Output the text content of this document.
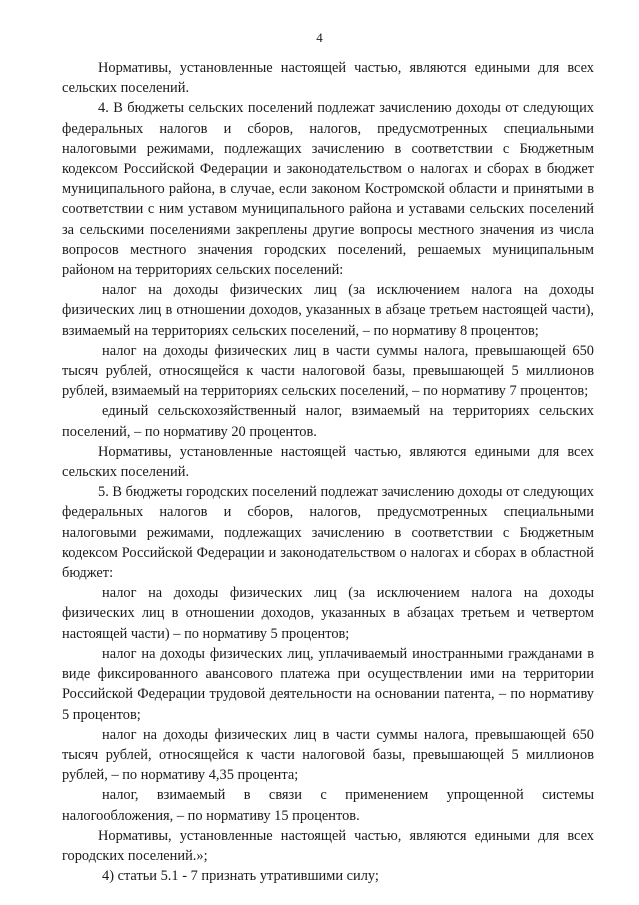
4

Нормативы, установленные настоящей частью, являются едиными для всех сельских поселений.

4. В бюджеты сельских поселений подлежат зачислению доходы от следующих федеральных налогов и сборов, налогов, предусмотренных специальными налоговыми режимами, подлежащих зачислению в соответствии с Бюджетным кодексом Российской Федерации и законодательством о налогах и сборах в бюджет муниципального района, в случае, если законом Костромской области и принятыми в соответствии с ним уставом муниципального района и уставами сельских поселений за сельскими поселениями закреплены другие вопросы местного значения из числа вопросов местного значения городских поселений, решаемых муниципальным районом на территориях сельских поселений:

налог на доходы физических лиц (за исключением налога на доходы физических лиц в отношении доходов, указанных в абзаце третьем настоящей части), взимаемый на территориях сельских поселений, – по нормативу 8 процентов;

налог на доходы физических лиц в части суммы налога, превышающей 650 тысяч рублей, относящейся к части налоговой базы, превышающей 5 миллионов рублей, взимаемый на территориях сельских поселений, – по нормативу 7 процентов;

единый сельскохозяйственный налог, взимаемый на территориях сельских поселений, – по нормативу 20 процентов.

Нормативы, установленные настоящей частью, являются едиными для всех сельских поселений.

5. В бюджеты городских поселений подлежат зачислению доходы от следующих федеральных налогов и сборов, налогов, предусмотренных специальными налоговыми режимами, подлежащих зачислению в соответствии с Бюджетным кодексом Российской Федерации и законодательством о налогах и сборах в областной бюджет:

налог на доходы физических лиц (за исключением налога на доходы физических лиц в отношении доходов, указанных в абзацах третьем и четвертом настоящей части) – по нормативу 5 процентов;

налог на доходы физических лиц, уплачиваемый иностранными гражданами в виде фиксированного авансового платежа при осуществлении ими на территории Российской Федерации трудовой деятельности на основании патента, – по нормативу 5 процентов;

налог на доходы физических лиц в части суммы налога, превышающей 650 тысяч рублей, относящейся к части налоговой базы, превышающей 5 миллионов рублей, – по нормативу 4,35 процента;

налог, взимаемый в связи с применением упрощенной системы налогообложения, – по нормативу 15 процентов.

Нормативы, установленные настоящей частью, являются едиными для всех городских поселений.»;

4) статьи 5.1 - 7 признать утратившими силу;
